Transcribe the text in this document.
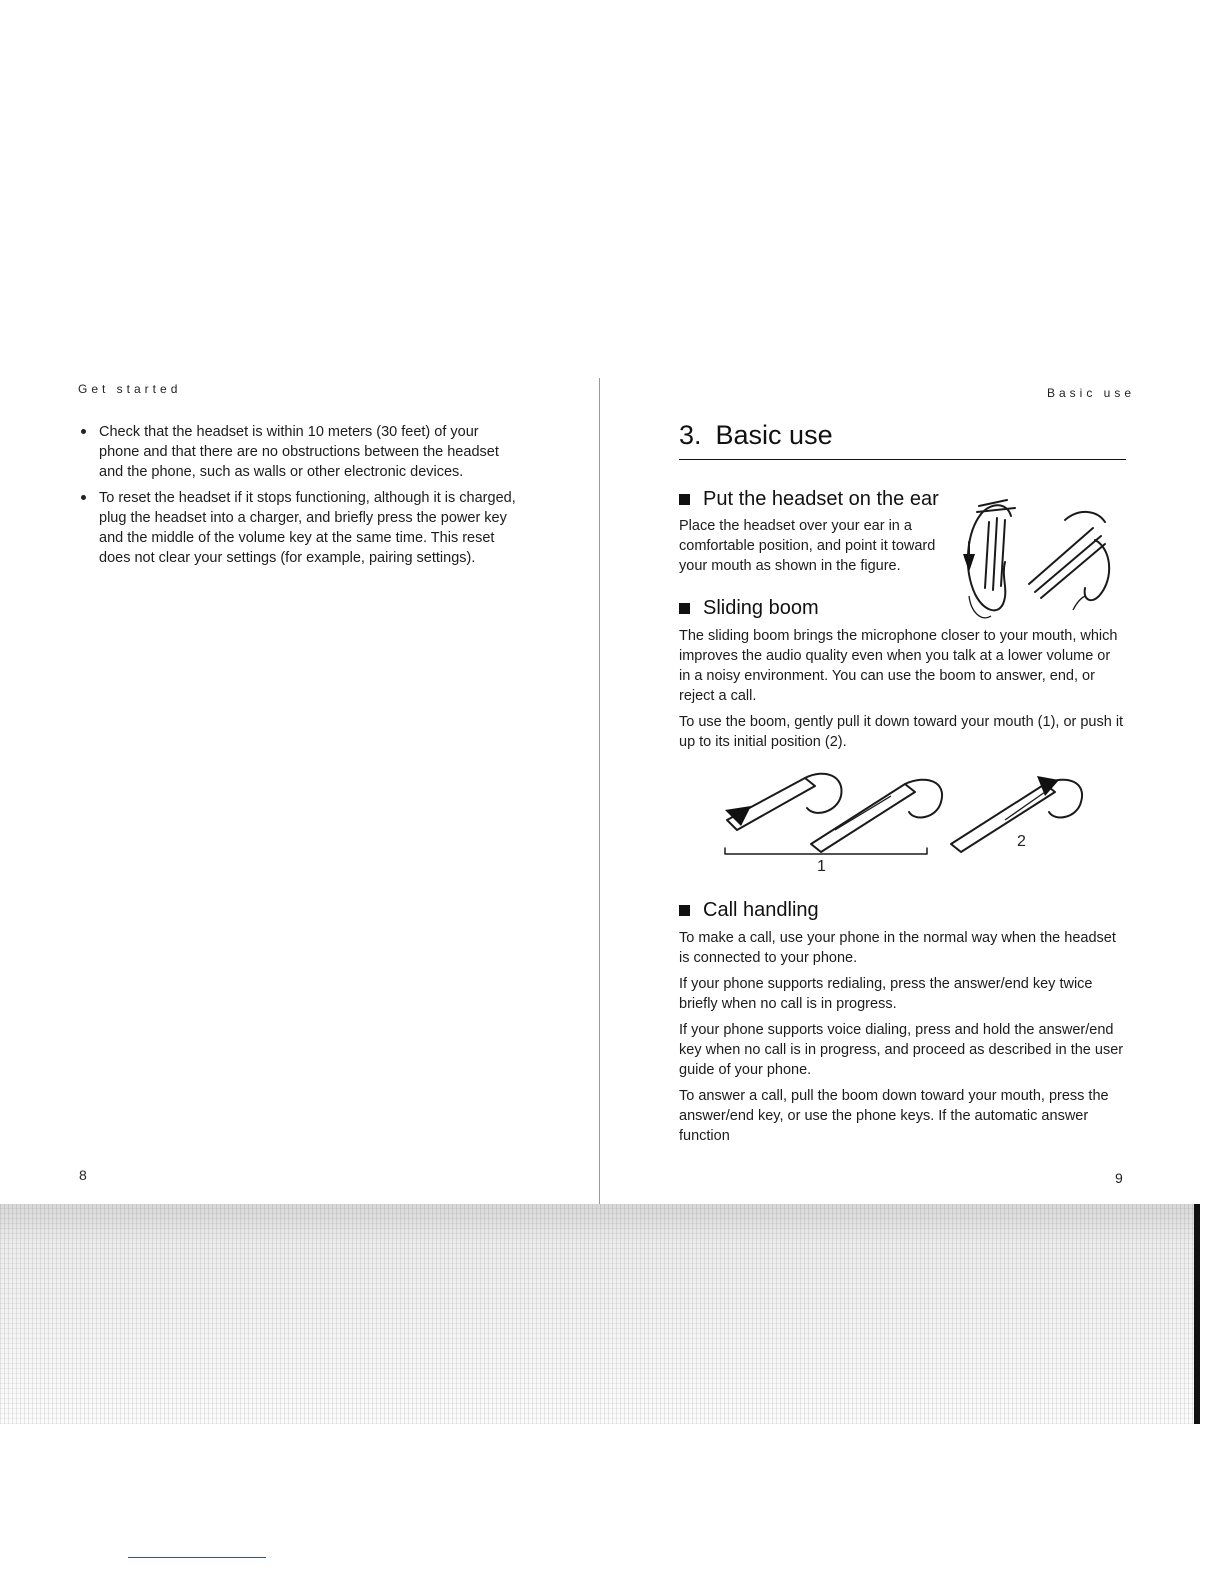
Get started
Check that the headset is within 10 meters (30 feet) of your phone and that there are no obstructions between the headset and the phone, such as walls or other electronic devices.
To reset the headset if it stops functioning, although it is charged, plug the headset into a charger, and briefly press the power key and the middle of the volume key at the same time. This reset does not clear your settings (for example, pairing settings).
8
Basic use
3. Basic use
Put the headset on the ear

Place the headset over your ear in a comfortable position, and point it toward your mouth as shown in the figure.

Sliding boom

The sliding boom brings the microphone closer to your mouth, which improves the audio quality even when you talk at a lower volume or in a noisy environment. You can use the boom to answer, end, or reject a call.

To use the boom, gently pull it down toward your mouth (1), or push it up to its initial position (2).

1
2
Call handling

To make a call, use your phone in the normal way when the headset is connected to your phone.

If your phone supports redialing, press the answer/end key twice briefly when no call is in progress.

If your phone supports voice dialing, press and hold the answer/end key when no call is in progress, and proceed as described in the user guide of your phone.

To answer a call, pull the boom down toward your mouth, press the answer/end key, or use the phone keys. If the automatic answer function

9
